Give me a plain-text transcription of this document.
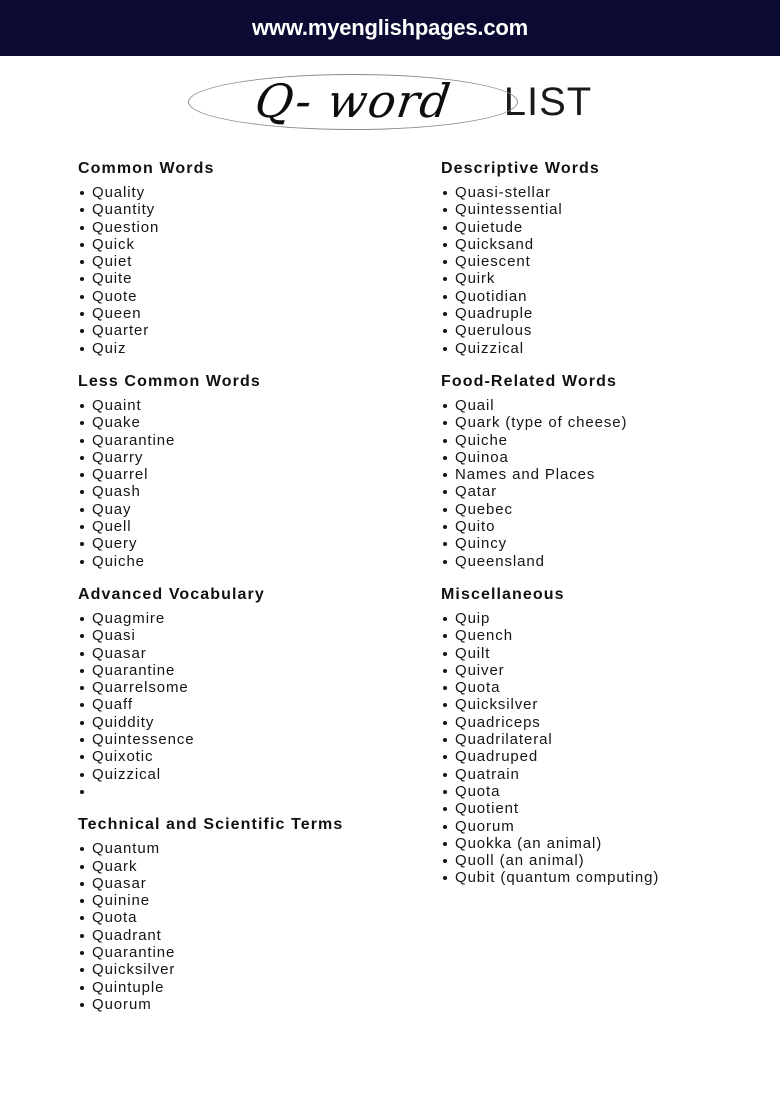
www.myenglishpages.com
Q- word	LIST
Common Words
Quality
Quantity
Question
Quick
Quiet
Quite
Quote
Queen
Quarter
Quiz
Less Common Words
Quaint
Quake
Quarantine
Quarry
Quarrel
Quash
Quay
Quell
Query
Quiche
Advanced Vocabulary
Quagmire
Quasi
Quasar
Quarantine
Quarrelsome
Quaff
Quiddity
Quintessence
Quixotic
Quizzical
Technical and Scientific Terms
Quantum
Quark
Quasar
Quinine
Quota
Quadrant
Quarantine
Quicksilver
Quintuple
Quorum
Descriptive Words
Quasi-stellar
Quintessential
Quietude
Quicksand
Quiescent
Quirk
Quotidian
Quadruple
Querulous
Quizzical
Food-Related Words
Quail
Quark (type of cheese)
Quiche
Quinoa
Names and Places
Qatar
Quebec
Quito
Quincy
Queensland
Miscellaneous
Quip
Quench
Quilt
Quiver
Quota
Quicksilver
Quadriceps
Quadrilateral
Quadruped
Quatrain
Quota
Quotient
Quorum
Quokka (an animal)
Quoll (an animal)
Qubit (quantum computing)
